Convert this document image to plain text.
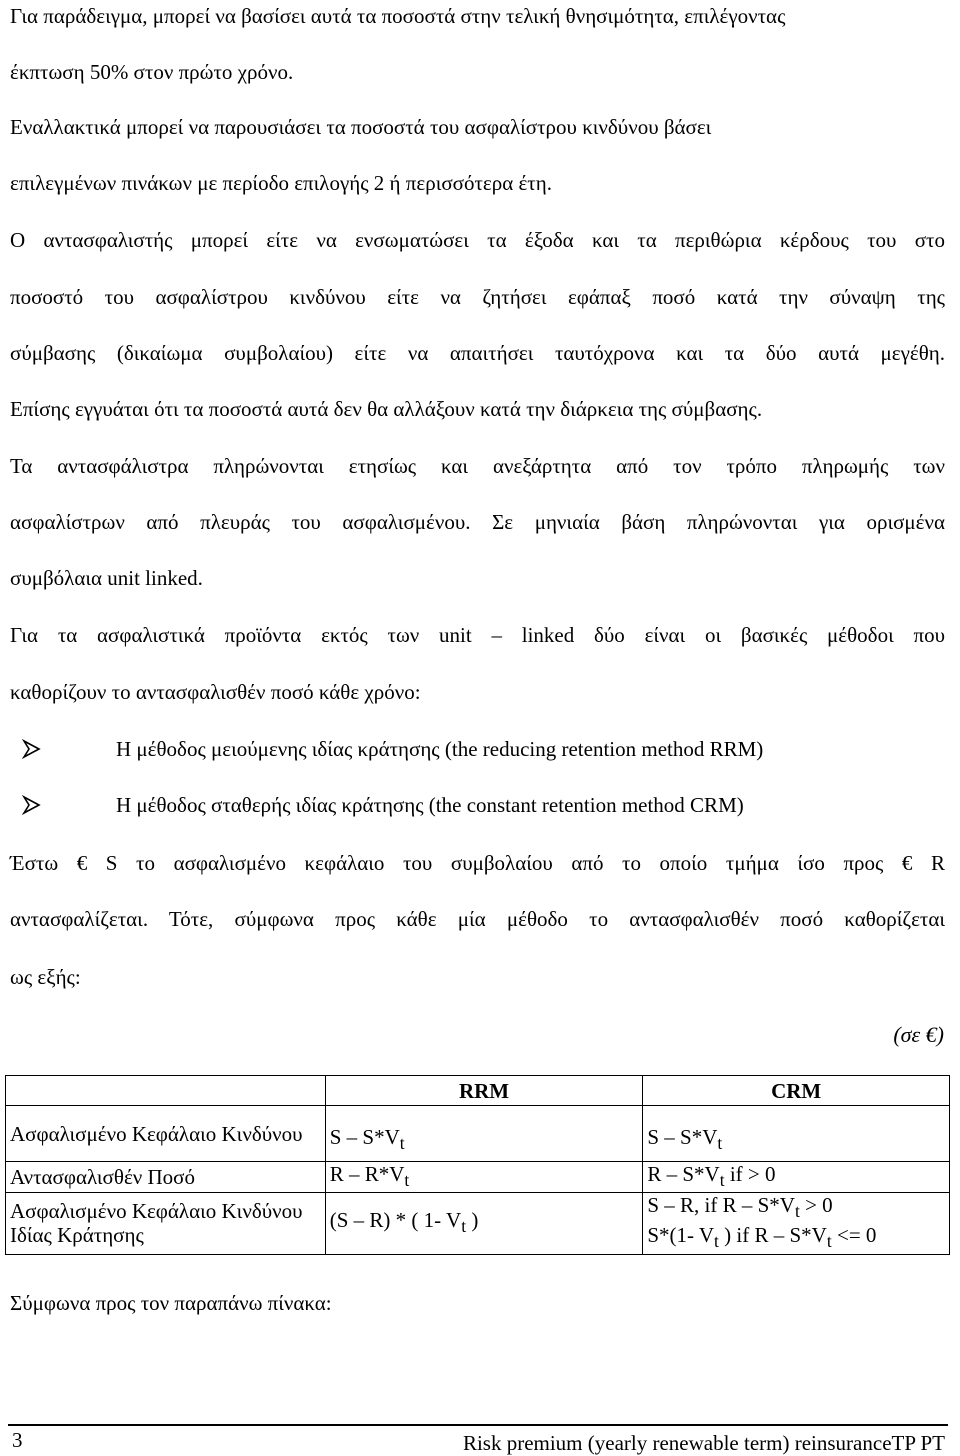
Για παράδειγμα, μπορεί να βασίσει αυτά τα ποσοστά στην τελική θνησιμότητα, επιλέγοντας
έκπτωση 50% στον πρώτο χρόνο.
Εναλλακτικά μπορεί να παρουσιάσει τα ποσοστά του ασφαλίστρου κινδύνου βάσει
επιλεγμένων πινάκων με περίοδο επιλογής 2 ή περισσότερα έτη.
Ο αντασφαλιστής μπορεί είτε να ενσωματώσει τα έξοδα και τα περιθώρια κέρδους του στο
ποσοστό του ασφαλίστρου κινδύνου είτε να ζητήσει εφάπαξ ποσό κατά την σύναψη της
σύμβασης (δικαίωμα συμβολαίου) είτε να απαιτήσει ταυτόχρονα και τα δύο αυτά μεγέθη.
Επίσης εγγυάται ότι τα ποσοστά αυτά δεν θα αλλάξουν κατά την διάρκεια της σύμβασης.
Τα αντασφάλιστρα πληρώνονται ετησίως και ανεξάρτητα από τον τρόπο πληρωμής των
ασφαλίστρων από πλευράς του ασφαλισμένου. Σε μηνιαία βάση πληρώνονται για ορισμένα
συμβόλαια unit linked.
Για τα ασφαλιστικά προϊόντα εκτός των unit – linked δύο είναι οι βασικές μέθοδοι που
καθορίζουν το αντασφαλισθέν ποσό κάθε χρόνο:
Η μέθοδος μειούμενης ιδίας κράτησης (the reducing retention method RRM)
Η μέθοδος σταθερής ιδίας κράτησης (the constant retention method CRM)
Έστω € S το ασφαλισμένο κεφάλαιο του συμβολαίου από το οποίο τμήμα ίσο προς € R
αντασφαλίζεται. Τότε, σύμφωνα προς κάθε μία μέθοδο το αντασφαλισθέν ποσό καθορίζεται
ως εξής:
(σε €)
	RRM	CRM
Ασφαλισμένο Κεφάλαιο Κινδύνου	S – $S*V_t$	S – $S*V_t$
Αντασφαλισθέν Ποσό	R – $R*V_t$	R – $S*V_t$ if > 0
Ασφαλισμένο Κεφάλαιο Κινδύνου Ιδίας Κράτησης	(S – R) * ( 1- $V_t$ )	S – R, if $R - S*V_t > 0$
S*(1- $V_t$ ) if $R - S*V_t <= 0$
Σύμφωνα προς τον παραπάνω πίνακα:
3	Risk premium (yearly renewable term) reinsuranceTP PT
